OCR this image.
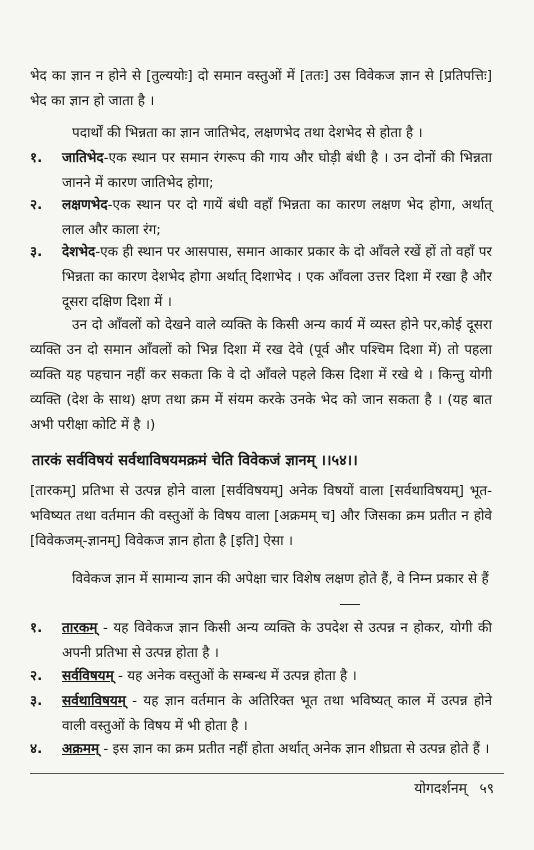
भेद का ज्ञान न होने से [तुल्ययोः] दो समान वस्तुओं में [ततः] उस विवेकज ज्ञान से [प्रतिपत्तिः] भेद का ज्ञान हो जाता है ।

पदार्थों की भिन्नता का ज्ञान जातिभेद, लक्षणभेद तथा देशभेद से होता है ।

१.	जातिभेद-एक स्थान पर समान रंगरूप की गाय और घोड़ी बंधी है । उन दोनों की भिन्नता जानने में कारण जातिभेद होगा;
२.	लक्षणभेद-एक स्थान पर दो गायें बंधी वहाँ भिन्नता का कारण लक्षण भेद होगा, अर्थात् लाल और काला रंग;
३.	देशभेद-एक ही स्थान पर आसपास, समान आकार प्रकार के दो आँवले रखें हों तो वहाँ पर भिन्नता का कारण देशभेद होगा अर्थात् दिशाभेद । एक आँवला उत्तर दिशा में रखा है और दूसरा दक्षिण दिशा में ।

उन दो आँवलों को देखने वाले व्यक्ति के किसी अन्य कार्य में व्यस्त होने पर,कोई दूसरा व्यक्ति उन दो समान आँवलों को भिन्न दिशा में रख देवे (पूर्व और पश्चिम दिशा में) तो पहला व्यक्ति यह पहचान नहीं कर सकता कि वे दो आँवले पहले किस दिशा में रखे थे । किन्तु योगी व्यक्ति (देश के साथ) क्षण तथा क्रम में संयम करके उनके भेद को जान सकता है । (यह बात अभी परीक्षा कोटि में है ।)

तारकं सर्वविषयं सर्वथाविषयमक्रमं चेति विवेकजं ज्ञानम् ।।५४।।

[तारकम्] प्रतिभा से उत्पन्न होने वाला [सर्वविषयम्] अनेक विषयों वाला [सर्वथाविषयम्] भूत-भविष्यत तथा वर्तमान की वस्तुओं के विषय वाला [अक्रमम् च] और जिसका क्रम प्रतीत न होवे [विवेकजम्-ज्ञानम्] विवेकज ज्ञान होता है [इति] ऐसा ।

विवेकज ज्ञान में सामान्य ज्ञान की अपेक्षा चार विशेष लक्षण होते हैं, वे निम्न प्रकार से हैं

१.	तारकम् - यह विवेकज ज्ञान किसी अन्य व्यक्ति के उपदेश से उत्पन्न न होकर, योगी की अपनी प्रतिभा से उत्पन्न होता है ।
२.	सर्वविषयम् - यह अनेक वस्तुओं के सम्बन्ध में उत्पन्न होता है ।
३.	सर्वथाविषयम् - यह ज्ञान वर्तमान के अतिरिक्त भूत तथा भविष्यत् काल में उत्पन्न होने वाली वस्तुओं के विषय में भी होता है ।
४.	अक्रमम् - इस ज्ञान का क्रम प्रतीत नहीं होता अर्थात् अनेक ज्ञान शीघ्रता से उत्पन्न होते हैं ।
योगदर्शनम् ५९
